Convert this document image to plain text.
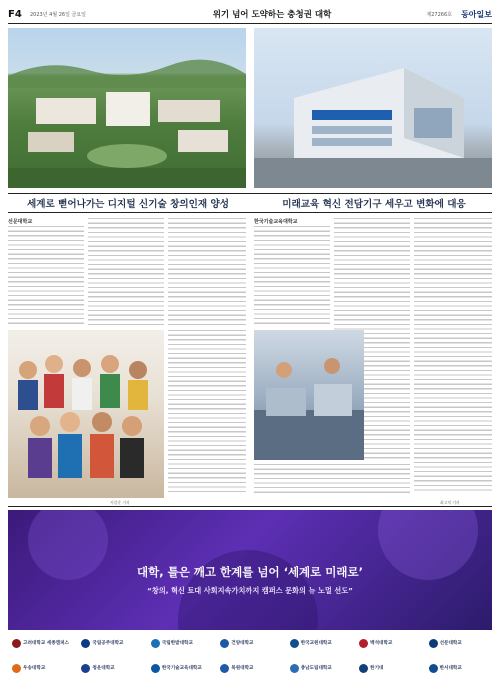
F4	2023년 4월 26일 금요일	위기 넘어 도약하는 충청권 대학	제27266호	동아일보
세계로 뻗어나가는 디지털 신기술 창의인재 양성	미래교육 혁신 전담기구 세우고 변화에 대응
선문대학교	한국기술교육대학교
서강준 기자	최고치 기자
대학, 틀은 깨고 한계를 넘어 ‘세계로 미래로’
“창의, 혁신 토대 사회지속가치까지 캠퍼스 문화의 뉴 노멀 선도”
고려대학교 세종캠퍼스	국립공주대학교	국립한밭대학교	건양대학교	한국교원대학교	백석대학교	선문대학교
우송대학교	청운대학교	한국기술교육대학교	목원대학교	충남도립대학교	한기대	한서대학교
